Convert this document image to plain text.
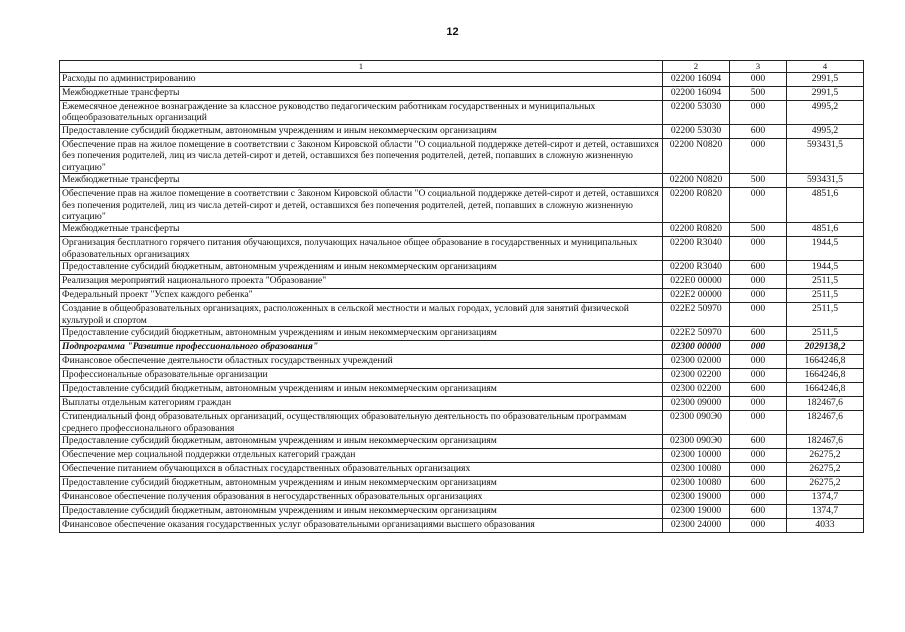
12
1	2	3	4
Расходы по администрированию	02200 16094	000	2991,5
Межбюджетные трансферты	02200 16094	500	2991,5
Ежемесячное денежное вознаграждение за классное руководство педагогическим работникам государственных и муниципальных общеобразовательных организаций	02200 53030	000	4995,2
Предоставление субсидий бюджетным, автономным учреждениям и иным некоммерческим организациям	02200 53030	600	4995,2
Обеспечение прав на жилое помещение в соответствии с Законом Кировской области "О социальной поддержке детей-сирот и детей, оставшихся без попечения родителей, лиц из числа детей-сирот и детей, оставшихся без попечения родителей, детей, попавших в сложную жизненную ситуацию"	02200 N0820	000	593431,5
Межбюджетные трансферты	02200 N0820	500	593431,5
Обеспечение прав на жилое помещение в соответствии с Законом Кировской области "О социальной поддержке детей-сирот и детей, оставшихся без попечения родителей, лиц из числа детей-сирот и детей, оставшихся без попечения родителей, детей, попавших в сложную жизненную ситуацию"	02200 R0820	000	4851,6
Межбюджетные трансферты	02200 R0820	500	4851,6
Организация бесплатного горячего питания обучающихся, получающих начальное общее образование в государственных и муниципальных образовательных организациях	02200 R3040	000	1944,5
Предоставление субсидий бюджетным, автономным учреждениям и иным некоммерческим организациям	02200 R3040	600	1944,5
Реализация мероприятий национального проекта "Образование"	022E0 00000	000	2511,5
Федеральный проект "Успех каждого ребенка"	022E2 00000	000	2511,5
Создание в общеобразовательных организациях, расположенных в сельской местности и малых городах, условий для занятий физической культурой и спортом	022E2 50970	000	2511,5
Предоставление субсидий бюджетным, автономным учреждениям и иным некоммерческим организациям	022E2 50970	600	2511,5
Подпрограмма "Развитие профессионального образования"	02300 00000	000	2029138,2
Финансовое обеспечение деятельности областных государственных учреждений	02300 02000	000	1664246,8
Профессиональные образовательные организации	02300 02200	000	1664246,8
Предоставление субсидий бюджетным, автономным учреждениям и иным некоммерческим организациям	02300 02200	600	1664246,8
Выплаты отдельным категориям граждан	02300 09000	000	182467,6
Стипендиальный фонд образовательных организаций, осуществляющих образовательную деятельность по образовательным программам среднего профессионального образования	02300 090Э0	000	182467,6
Предоставление субсидий бюджетным, автономным учреждениям и иным некоммерческим организациям	02300 090Э0	600	182467,6
Обеспечение мер социальной поддержки отдельных категорий граждан	02300 10000	000	26275,2
Обеспечение питанием обучающихся в областных государственных образовательных организациях	02300 10080	000	26275,2
Предоставление субсидий бюджетным, автономным учреждениям и иным некоммерческим организациям	02300 10080	600	26275,2
Финансовое обеспечение получения образования в негосударственных образовательных организациях	02300 19000	000	1374,7
Предоставление субсидий бюджетным, автономным учреждениям и иным некоммерческим организациям	02300 19000	600	1374,7
Финансовое обеспечение оказания государственных услуг образовательными организациями высшего образования	02300 24000	000	4033
